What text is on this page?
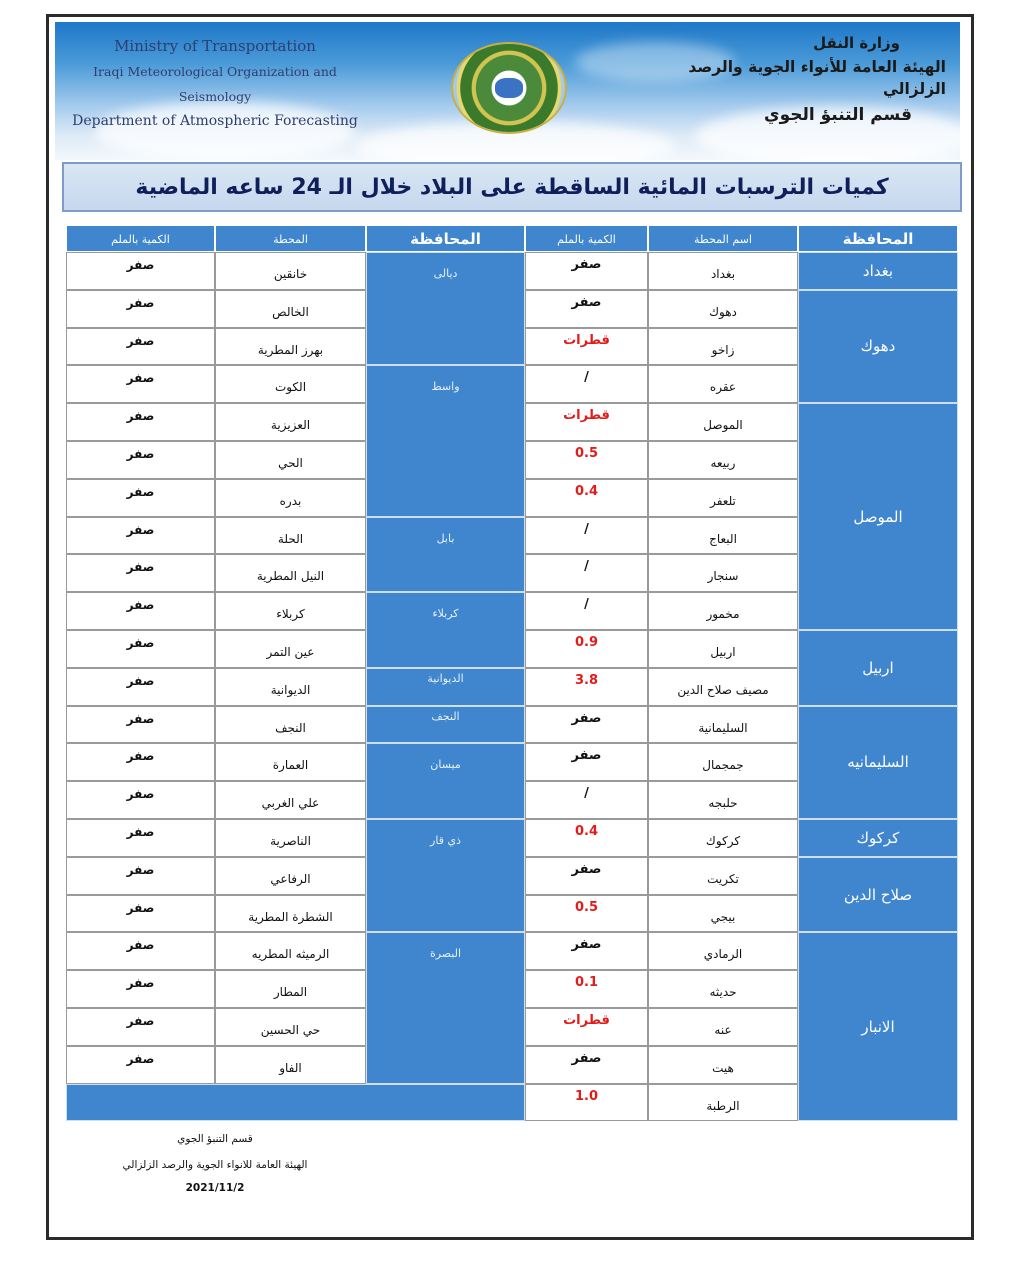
Ministry of Transportation
Iraqi Meteorological Organization and Seismology
Department of Atmospheric Forecasting
وزارة النقل
الهيئة العامة للأنواء الجوية والرصد الزلزالي
قسم التنبؤ الجوي
كميات الترسبات المائية الساقطة على البلاد خلال الـ 24 ساعه الماضية
المحافظة
اسم المحطة
الكمية بالملم
بغداد
صفر
دهوك
صفر
زاخو
قطرات
عقره
/
الموصل
قطرات
ربيعه
0.5
تلعفر
0.4
البعاج
/
سنجار
/
مخمور
/
اربيل
0.9
مصيف صلاح الدين
3.8
السليمانية
صفر
جمجمال
صفر
حلبجه
/
كركوك
0.4
تكريت
صفر
بيجي
0.5
الرمادي
صفر
حديثه
0.1
عنه
قطرات
هيت
صفر
الرطبة
1.0
بغداد
دهوك
الموصل
اربيل
السليمانيه
كركوك
صلاح الدين
الانبار
المحافظة
المحطة
الكمية بالملم
خانقين
صفر
الخالص
صفر
بهرز المطرية
صفر
الكوت
صفر
العزيزية
صفر
الحي
صفر
بدره
صفر
الحلة
صفر
النيل المطرية
صفر
كربلاء
صفر
عين التمر
صفر
الديوانية
صفر
النجف
صفر
العمارة
صفر
علي الغربي
صفر
الناصرية
صفر
الرفاعي
صفر
الشطرة المطرية
صفر
الرميثه المطريه
صفر
المطار
صفر
حي الحسين
صفر
الفاو
صفر
ديالى
واسط
بابل
كربلاء
الديوانية
النجف
ميسان
ذي قار
البصرة
قسم التنبؤ الجوي
الهيئة العامة للانواء الجوية والرصد الزلزالي
2021/11/2
